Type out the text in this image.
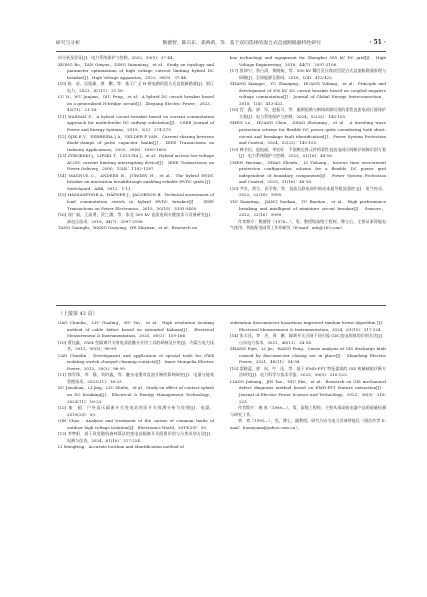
研究与分析	熊德智，陈石东，郑两莉，等．基于双向选择的混合式直流断路器特性研究	· 51 ·

仿分析及验证[J]．电力系统保护与控制，2022，50(9)：37-44.

XIONG Bo，TAN Qinyue，DING Yuanming，et al．Study on topology and parameter optimization of high voltage current limiting hybrid DC breaker[J]．High Voltage Apparatus，2022，58(9)：37-44.

[10] 陈　星，吴俊雄，龚　鹏，等．基于广义 H 桥电路的混合式直流断路器[J]．浙江电力，2023，42(11)：21-28.

LU Yi，WU Junjian，QIU Peng，et al．A hybrid DC circuit breaker based on a generalized H-bridge circuit[J]．Zhejiang Electric Power，2023，42(11)：21-28.

[11] HASSAN S．A hybrid circuit breaker based on current commutation approach for multi-feeder DC railway substation[J]．CSEE Journal of Power and Energy Systems，2019，5(2)：274-279.

[12] DJIK E V，FERREIRA J A，GELDER P VAN．Current sharing between diode-clamps of pulse capacitor banks[J]．IEEE Transactions on Industry Applications，2002，38(6)：1600-1605.

[13] ZYBORSKI J，LIPSKI T，CZUCHA J，et al．Hybrid arcless low-voltage AC/DC current limiting interrupting device[J]．IEEE Transactions on Power Delivery，2000，15(4)：1182-1187.

[14] MAGNUS C，ANDERS B，JÜRGEN H，et al．The hybrid HVDC breaker an innovation breakthrough enabling reliable HVDC grids [J]．Switchyard：ABB，2012：1-11.

[15] HASSANPOOR A，HÄFNER J，JACOBSON B．Technical assessment of load commutation switch in hybrid HVDC breaker[J]．IEEE Transactions on Power Electronics，2015，30(10)：5393-5400.

[16] 汤广福，王高勇，贺之渊，等．张北 500 kV 直流电网关键技术与设备研究[J]．高电压技术，2018，44(7)：2097-2106.

TANG Guangfu，WANG Gaoyong，HE Zhiyuan，et al．Research on

key technology and equipment for Zhangbei 500 kV DC grid[J]．High Voltage Engineering，2018，44(7)：2097-2106.

[17] 张坤宁，余占清，黄晓航，等．500 kV 耦合负压换流型混合式直流断路器原理与研制[J]．全球能源互联网，2018，1(4)：413-422.

ZHANG Xiangyu，YU Zhanqing，HUANG Yuliang，et al．Principle and development of 500 kV DC circuit breaker based on coupled negative voltage commutation[J]．Journal of Global Energy Interconnection，2018，1(4)：413-422.

[18] 沈　露，郭　军，赵振可，等．兼顾短路与断线故障识别的柔性直流电网行波保护方案[J]．电力系统保护与控制，2024，52(22)：145-155.

SHEN Lu，HUANG Chen，ZHAO Zhenning，et al．A traveling wave protection scheme for flexible DC power grids considering both short-circuit and breakage fault identification[J]．Power System Protection and Control，2024，52(22)：145-155.

[19] 韩书田，赵振福，李宏旺．不依赖边界元件的柔性直流电网区间断层故障识别方案[J]．电力系统保护与控制，2023，51(16)：48-58.

CHEN Haotian，ZHAO Zhenfu，LI Yizhong．Inverse time overcurrent protection configuration scheme for a flexible DC power grid independent of boundary components[J]．Power System Protection and Control，2023，51(16)：48-58.

[20] 尹宣，黄方，袁学海，等．直流互联电网中低成本超导限流器的 [J]．电气传动，2022，22(16)：5990.

YIN Xuanting，JIANG Xuekan，YU Baotian，et al．High performance breaking and intelligent of miniature circuit breaker[J]．Sensors，2022，22(16)：5990.

作者简介：熊德智（1976—），男，教授级高级工程师，博士后，主要从事智能电气使用、智能配电网等工作的研究（E-mail：xdz@163.com）

（上接第 42 页）

GAO Chunlin，LIU Guoling，HU Yiu，et al．High resolution locating method of cable defect based on extended Kalman[J]．Electrical Measurement & Instrumentation，2025，60(2)：159-166.

[10] 曹佳鑫，GW4 型隔离开关带电清洗触头专用工具的研制及应用[J]．内蒙古电力技术，2012，30(3)：96-99.

CAO Chunlin．Development and application of special tools for GW4 isolating switch charged cleaning contacts[J]．Inner Mongolia Electric Power，2012，30(3)：96-99.

[11] 徐军锋，李　静，刘时鑫，等．触头电缆对直流开断的影响研究[J]．电器与能效管理技术，2023(11)：16-23.

XU Junshuai，LI Jing，LIU Shuhe，et al．Study on effect of contact splash on DC breaking[J]．Electrical & Energy Management Technology，2023(11)：16-23.

[12] 秦　超．户外高压隔离开关变电站的旧开关探测分析与处理[J]．电器，2019(20)：59.

QIN Chao．Analysis and treatment of the causes of common faults of outdoor high voltage isolation[J]．Electronics World，2019(20)：59.

[13] 李梦阳．基于改进随机森林算法的变电站隔离开关隐患识别与分类识别方法[J]．电测与仪表，2024，61(10)：217-224.

LI Mengfeng．Accurate location and identification method of

substation disconnector hazardous improved random forest algorithm [J]．Electrical Measurement & Instrumentation，2024，61(10)：217-224.

[14] 张丰佳，李　杰，周　鹏．隔离开关合闸不同引弧 GIS 放电故障的识别方法[J]．山东电力技术，2021，48(11)：54-58.

ZHANG Pijei，LI Jie，WANG Peng．Cause analysis of GIS discharge fault caused by disconnector closing not in place[J]．Shandong Electric Power，2021，48(11)：54-58.

[15] 梁晓蓝，唐　向，牛　佳，等．基于 EMD-FFT 特征提取的 GIS 机械缺陷诊断方法研究[J]．电力科学与技术学报，2023，38(3)：216-223.

LIANG Jiabang，JIN Tao，NIU Shu，et al．Research on GIS mechanical defect diagnosis method based on EMD-FFT feature extraction[J]．Journal of Electric Power Science and Technology，2023，38(3)：216-223.

作者简介：康 春（1980—），男，高级工程师，主要从事高低电器产品的质量检测与研究工作。

黄　欢（1992—），男，博士，副教授，研究方向为电力设备智能化（通信作者 E-mail：huanyuan@yahoo.com.cn）。
